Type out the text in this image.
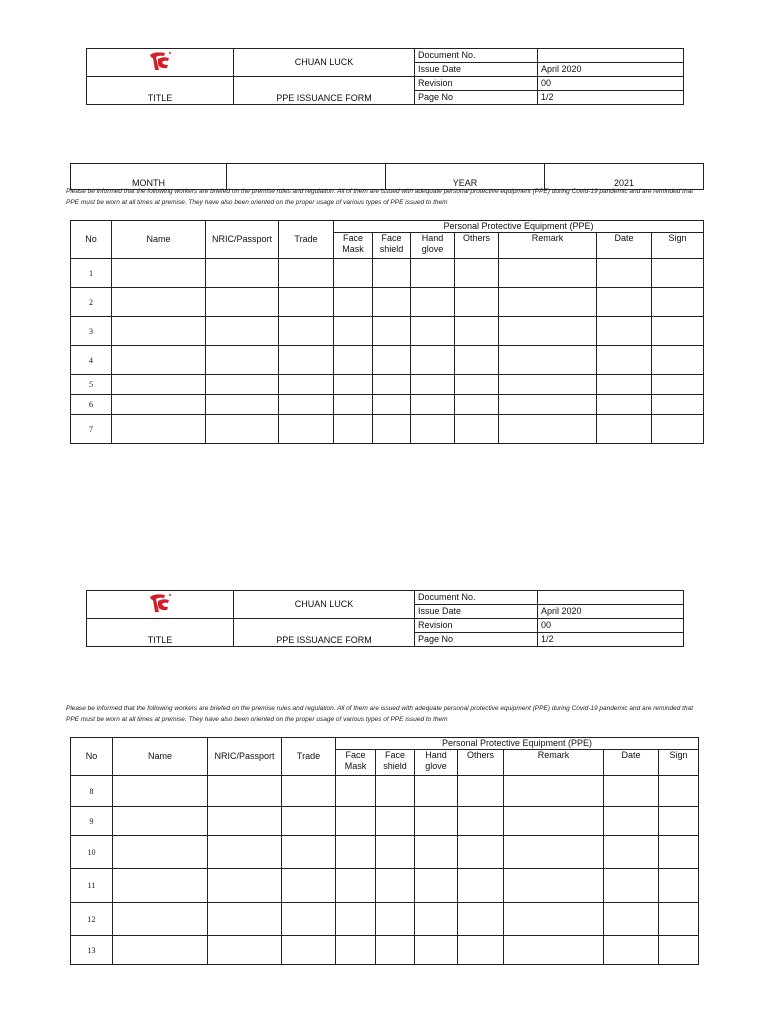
	CHUAN LUCK	Document No.	
		Issue Date	April 2020
TITLE	PPE ISSUANCE FORM	Revision	00
		Page No	1/2
MONTH		YEAR	2021
Please be informed that the following workers are briefed on the premise rules and regulation. All of them are issued with adequate personal protective equipment (PPE) during Covid-19 pandemic and are reminded that PPE must be worn at all times at premise. They have also been oriented on the proper usage of various types of PPE issued to them
No	Name	NRIC/Passport	Trade	Personal Protective Equipment (PPE)						
				Face Mask	Face shield	Hand glove	Others	Remark	Date	Sign
1										
2										
3										
4										
5										
6										
7										
	CHUAN LUCK	Document No.	
		Issue Date	April 2020
TITLE	PPE ISSUANCE FORM	Revision	00
		Page No	1/2
Please be informed that the following workers are briefed on the premise rules and regulation. All of them are issued with adequate personal protective equipment (PPE) during Covid-19 pandemic and are reminded that PPE must be worn at all times at premise. They have also been oriented on the proper usage of various types of PPE issued to them
No	Name	NRIC/Passport	Trade	Personal Protective Equipment (PPE)						
				Face Mask	Face shield	Hand glove	Others	Remark	Date	Sign
8										
9										
10										
11										
12										
13										
